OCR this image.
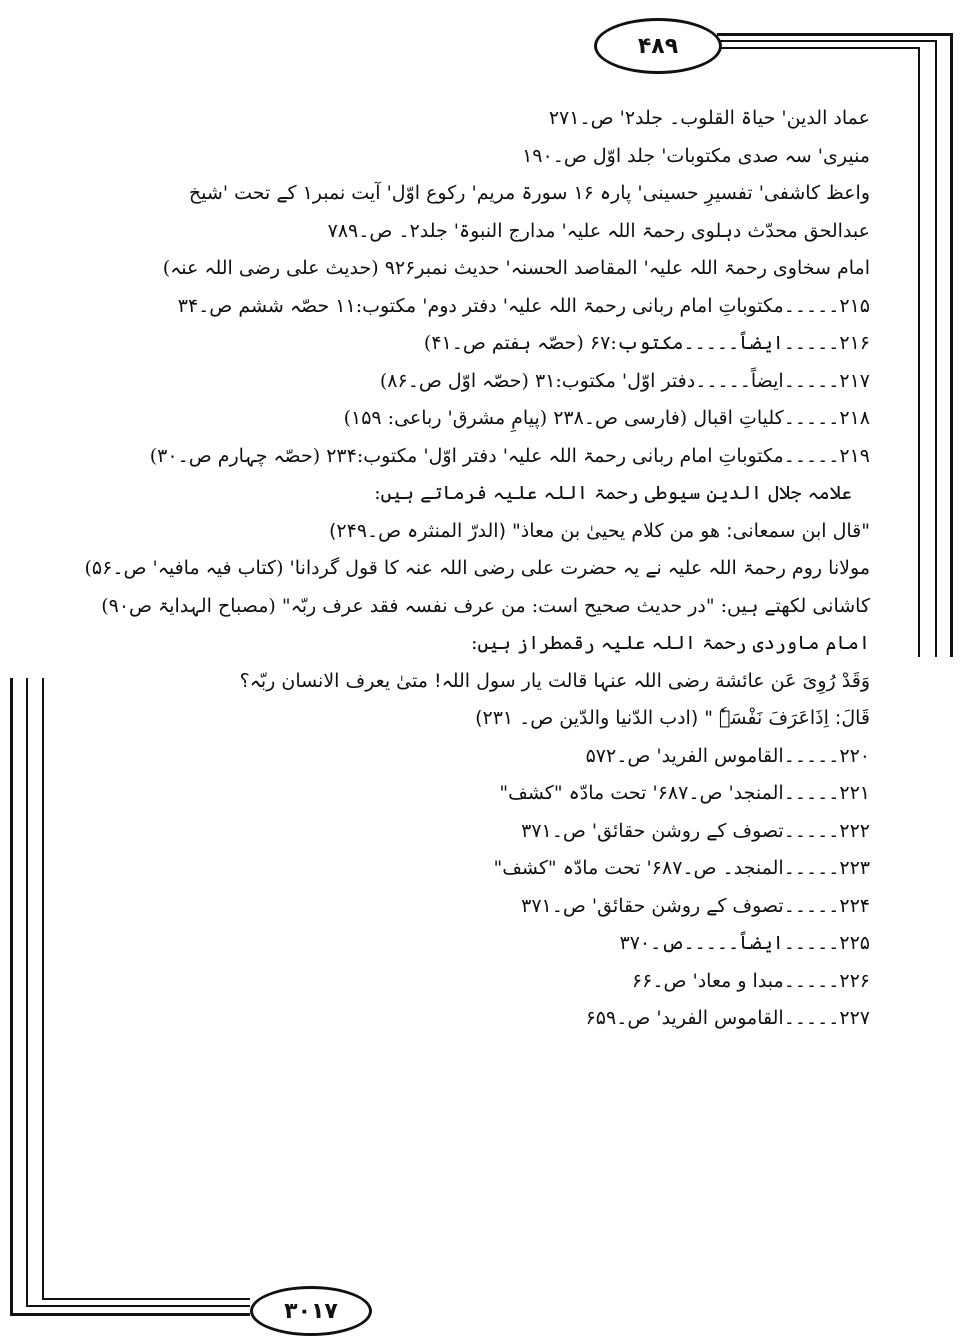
۴۸۹
۳۰۱۷
عماد الدین' حیاۃ القلوب۔ جلد۲' ص۔۲۷۱
منیری' سہ صدی مکتوبات' جلد اوّل ص۔۱۹۰
واعظ کاشفی' تفسیرِ حسینی' پارہ ۱۶ سورۃ مریم' رکوع اوّل' آیت نمبر۱ کے تحت 'شیخ
عبدالحق محدّث دہلوی رحمۃ اللہ علیہ' مدارج النبوۃ' جلد۲۔ ص۔۷۸۹
امام سخاوی رحمۃ اللہ علیہ' المقاصد الحسنہ' حدیث نمبر۹۲۶ (حدیث علی رضی اللہ عنہ)
۲۱۵۔۔۔۔۔مکتوباتِ امام ربانی رحمۃ اللہ علیہ' دفتر دوم' مکتوب:۱۱ حصّہ ششم ص۔۳۴
۲۱۶۔۔۔۔۔ایضاً۔۔۔۔۔مکتوب:۶۷ (حصّہ ہفتم ص۔۴۱)
۲۱۷۔۔۔۔۔ایضاً۔۔۔۔۔دفتر اوّل' مکتوب:۳۱ (حصّہ اوّل ص۔۸۶)
۲۱۸۔۔۔۔۔کلیاتِ اقبال (فارسی ص۔۲۳۸ (پیامِ مشرق' رباعی: ۱۵۹)
۲۱۹۔۔۔۔۔مکتوباتِ امام ربانی رحمۃ اللہ علیہ' دفتر اوّل' مکتوب:۲۳۴ (حصّہ چہارم ص۔۳۰)
علامہ جلال الدین سیوطی رحمۃ اللہ علیہ فرماتے ہیں:
"قال ابن سمعانی: هو من كلام يحيىٰ بن معاذ" (الدرّ المنثرہ ص۔۲۴۹)
مولانا روم رحمۃ اللہ علیہ نے یہ حضرت علی رضی اللہ عنہ کا قول گردانا' (کتاب فیہ مافیہ' ص۔۵۶)
کاشانی لکھتے ہیں: "در حدیث صحیح است: من عرف نفسہ فقد عرف ربّہ" (مصباح الہدایۃ ص۹۰)
امام ماوردی رحمۃ اللہ علیہ رقمطراز ہیں:
وَقَدْ رُوِیَ عَن عائشة رضی اللہ عنہا قالت یار سول اللہ! متیٰ یعرف الانسان ربّہ؟
قَالَ: اِذَاعَرَفَ نَفْسَہٗ " (ادب الدّنيا والدّين ص۔ ۲۳۱)
۲۲۰۔۔۔۔۔القاموس الفرید' ص۔۵۷۲
۲۲۱۔۔۔۔۔المنجد' ص۔۶۸۷' تحت مادّہ "کشف"
۲۲۲۔۔۔۔۔تصوف کے روشن حقائق' ص۔۳۷۱
۲۲۳۔۔۔۔۔المنجد۔ ص۔۶۸۷' تحت مادّہ "کشف"
۲۲۴۔۔۔۔۔تصوف کے روشن حقائق' ص۔۳۷۱
۲۲۵۔۔۔۔۔ایضاً۔۔۔۔۔ص۔۳۷۰
۲۲۶۔۔۔۔۔مبدا و معاد' ص۔۶۶
۲۲۷۔۔۔۔۔القاموس الفرید' ص۔۶۵۹
